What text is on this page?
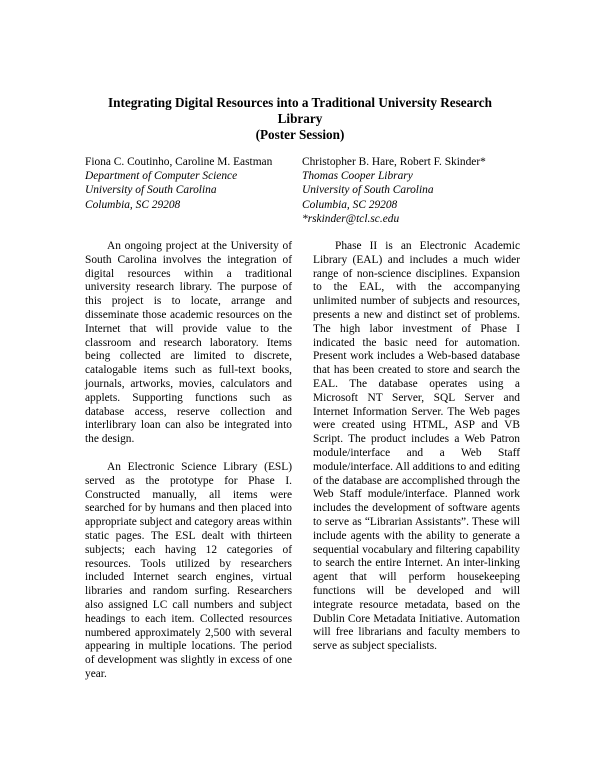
Integrating Digital Resources into a Traditional University Research
Library
(Poster Session)
Fiona C. Coutinho, Caroline M. Eastman
Department of Computer Science
University of South Carolina
Columbia, SC 29208
Christopher B. Hare, Robert F. Skinder*
Thomas Cooper Library
University of South Carolina
Columbia, SC 29208
*rskinder@tcl.sc.edu

An ongoing project at the University of South Carolina involves the integration of digital resources within a traditional university research library. The purpose of this project is to locate, arrange and disseminate those academic resources on the Internet that will provide value to the classroom and research laboratory. Items being collected are limited to discrete, catalogable items such as full-text books, journals, artworks, movies, calculators and applets. Supporting functions such as database access, reserve collection and interlibrary loan can also be integrated into the design.

An Electronic Science Library (ESL) served as the prototype for Phase I. Constructed manually, all items were searched for by humans and then placed into appropriate subject and category areas within static pages. The ESL dealt with thirteen subjects; each having 12 categories of resources. Tools utilized by researchers included Internet search engines, virtual libraries and random surfing. Researchers also assigned LC call numbers and subject headings to each item. Collected resources numbered approximately 2,500 with several appearing in multiple locations. The period of development was slightly in excess of one year.

Phase II is an Electronic Academic Library (EAL) and includes a much wider range of non-science disciplines. Expansion to the EAL, with the accompanying unlimited number of subjects and resources, presents a new and distinct set of problems. The high labor investment of Phase I indicated the basic need for automation. Present work includes a Web-based database that has been created to store and search the EAL. The database operates using a Microsoft NT Server, SQL Server and Internet Information Server. The Web pages were created using HTML, ASP and VB Script. The product includes a Web Patron module/interface and a Web Staff module/interface. All additions to and editing of the database are accomplished through the Web Staff module/interface. Planned work includes the development of software agents to serve as “Librarian Assistants”. These will include agents with the ability to generate a sequential vocabulary and filtering capability to search the entire Internet. An inter-linking agent that will perform housekeeping functions will be developed and will integrate resource metadata, based on the Dublin Core Metadata Initiative. Automation will free librarians and faculty members to serve as subject specialists.
